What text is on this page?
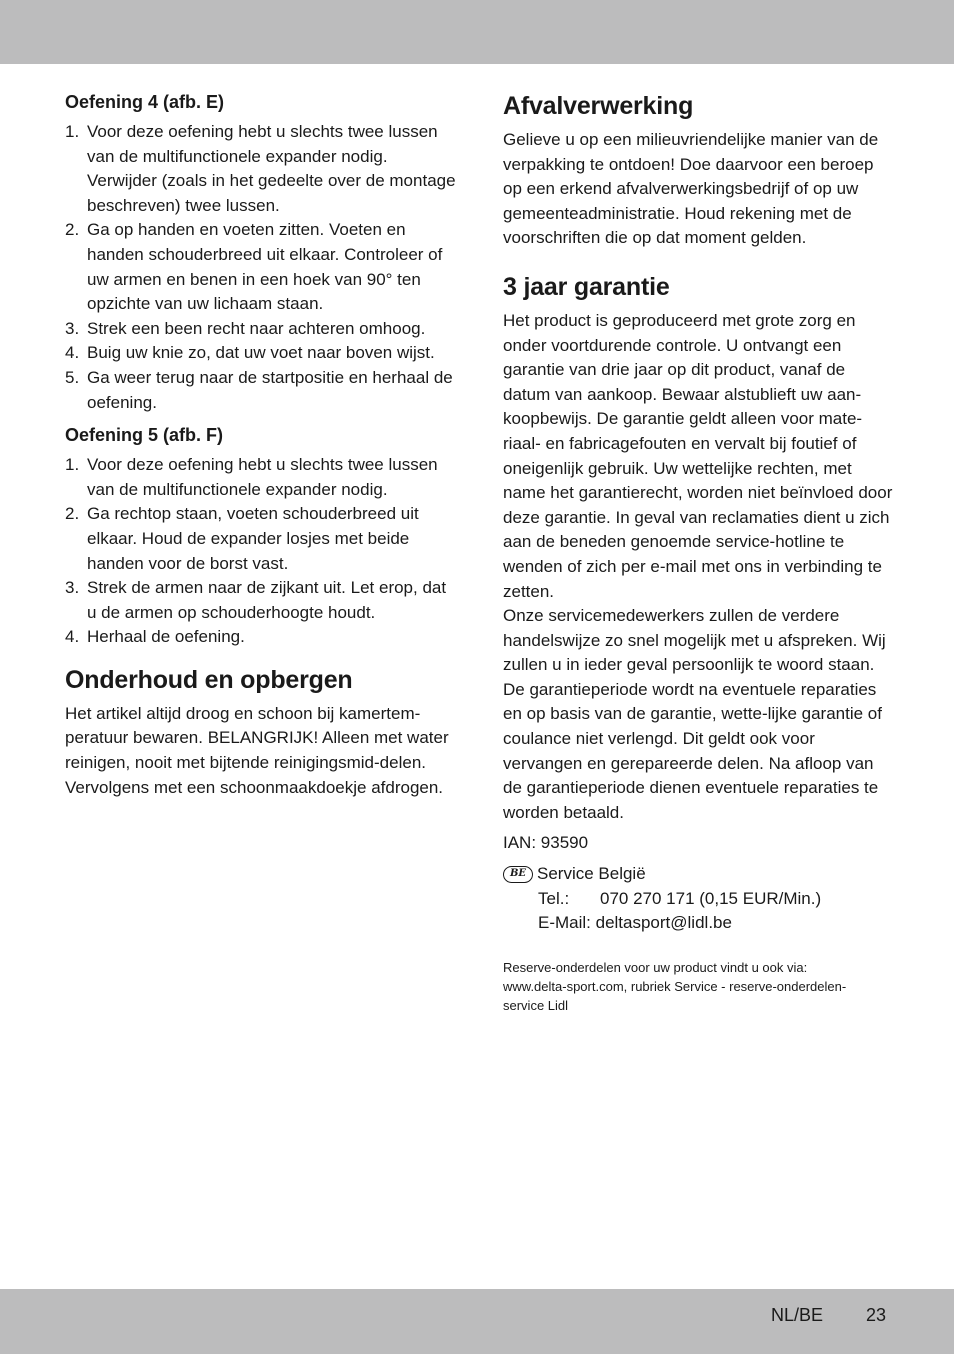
Oefening 4 (afb. E)
1. Voor deze oefening hebt u slechts twee lussen van de multifunctionele expander nodig. Verwijder (zoals in het gedeelte over de montage beschreven) twee lussen.
2. Ga op handen en voeten zitten. Voeten en handen schouderbreed uit elkaar. Controleer of uw armen en benen in een hoek van 90° ten opzichte van uw lichaam staan.
3. Strek een been recht naar achteren omhoog.
4. Buig uw knie zo, dat uw voet naar boven wijst.
5. Ga weer terug naar de startpositie en herhaal de oefening.
Oefening 5 (afb. F)
1. Voor deze oefening hebt u slechts twee lussen van de multifunctionele expander nodig.
2. Ga rechtop staan, voeten schouderbreed uit elkaar. Houd de expander losjes met beide handen voor de borst vast.
3. Strek de armen naar de zijkant uit. Let erop, dat u de armen op schouderhoogte houdt.
4. Herhaal de oefening.
Onderhoud en opbergen

Het artikel altijd droog en schoon bij kamertem-peratuur bewaren. BELANGRIJK! Alleen met water reinigen, nooit met bijtende reinigingsmid-delen. Vervolgens met een schoonmaakdoekje afdrogen.

Afvalverwerking

Gelieve u op een milieuvriendelijke manier van de verpakking te ontdoen! Doe daarvoor een beroep op een erkend afvalverwerkingsbedrijf of op uw gemeenteadministratie. Houd rekening met de voorschriften die op dat moment gelden.

3 jaar garantie

Het product is geproduceerd met grote zorg en onder voortdurende controle. U ontvangt een garantie van drie jaar op dit product, vanaf de datum van aankoop. Bewaar alstublieft uw aan-koopbewijs. De garantie geldt alleen voor mate-riaal- en fabricagefouten en vervalt bij foutief of oneigenlijk gebruik. Uw wettelijke rechten, met name het garantierecht, worden niet beïnvloed door deze garantie. In geval van reclamaties dient u zich aan de beneden genoemde service-hotline te wenden of zich per e-mail met ons in verbinding te zetten.

Onze servicemedewerkers zullen de verdere handelswijze zo snel mogelijk met u afspreken. Wij zullen u in ieder geval persoonlijk te woord staan. De garantieperiode wordt na eventuele reparaties en op basis van de garantie, wette-lijke garantie of coulance niet verlengd. Dit geldt ook voor vervangen en gerepareerde delen. Na afloop van de garantieperiode dienen eventuele reparaties te worden betaald.

IAN: 93590

BE Service België
Tel.: 070 270 171 (0,15 EUR/Min.)
E-Mail: deltasport@lidl.be
Reserve-onderdelen voor uw product vindt u ook via:
www.delta-sport.com, rubriek Service - reserve-onderdelen-
service Lidl
NL/BE 23
